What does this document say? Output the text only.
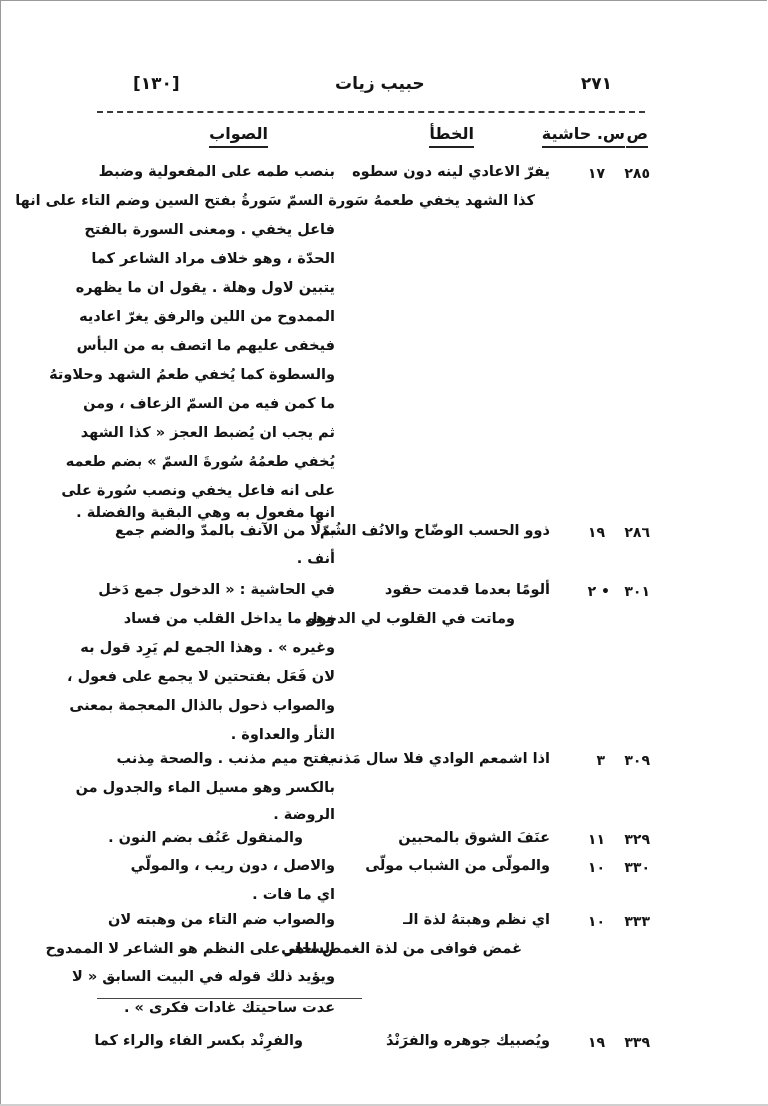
٢٧١
حبيب زيات
[١٣٠]
ص
س. حاشية
الخطأ
الصواب
٢٨٥
١٧
يفرّ الاعادي لينه دون سطوه
بنصب طمه على المفعولية وضبط
كذا الشهد يخفي طعمهُ سَورة السمّ سَورةُ بفتح السين وضم التاء على انها
فاعل يخفي . ومعنى السورة بالفتح
الحدّة ، وهو خلاف مراد الشاعر كما
يتبين لاول وهلة . يقول ان ما يظهره
الممدوح من اللين والرفق يغرّ اعاديه
فيخفى عليهم ما اتصف به من البأس
والسطوة كما يُخفي طعمُ الشهد وحلاوتهُ
ما كمن فيه من السمّ الزعاف ، ومن
ثم يجب ان يُضبط العجز « كذا الشهد
يُخفي طعمُهُ سُورةَ السمّ » بضم طعمه
على انه فاعل يخفي ونصب سُورة على
انها مفعول به وهي البقية والفضلة .
٢٨٦
١٩
ذوو الحسب الوضّاح والانُف الشُمّ
بدلًا من الآنف بالمدّ والضم جمع
أنف .
٣٠١
• ٢
ألومًا بعدما قدمت حقود
وماتت في القلوب لي الدخول
في الحاشية : « الدخول جمع دَخل
وهو ما يداخل القلب من فساد
وغيره » . وهذا الجمع لم يَرِد قول به
لان فَعَل بفتحتين لا يجمع على فعول ،
والصواب ذحول بالذال المعجمة بمعنى
الثأر والعداوة .
٣٠٩
٣
اذا اشمعم الوادي فلا سال مَذنب
بفتح ميم مذنب . والصحة مِذنب
بالكسر وهو مسيل الماء والجدول من
الروضة .
٣٢٩
١١
عنَفَ الشوق بالمحبين
والمنقول عَنُف بضم النون .
٣٣٠
١٠
والمولّى من الشباب مولّى
والاصل ، دون ريب ، والمولّي
اي ما فات .
٣٣٣
١٠
اي نظم وهبتهُ لذة الـ
غمض فوافى من لذة الغمض احلى
والصواب ضم التاء من وهبته لان
الساهر على النظم هو الشاعر لا الممدوح
ويؤيد ذلك قوله في البيت السابق « لا
عدت ساحيتك غادات فكرى » .
٣٣٩
١٩
ويُصبيك جوهره والفرَنْدُ
والفرِنْد بكسر الفاء والراء كما
